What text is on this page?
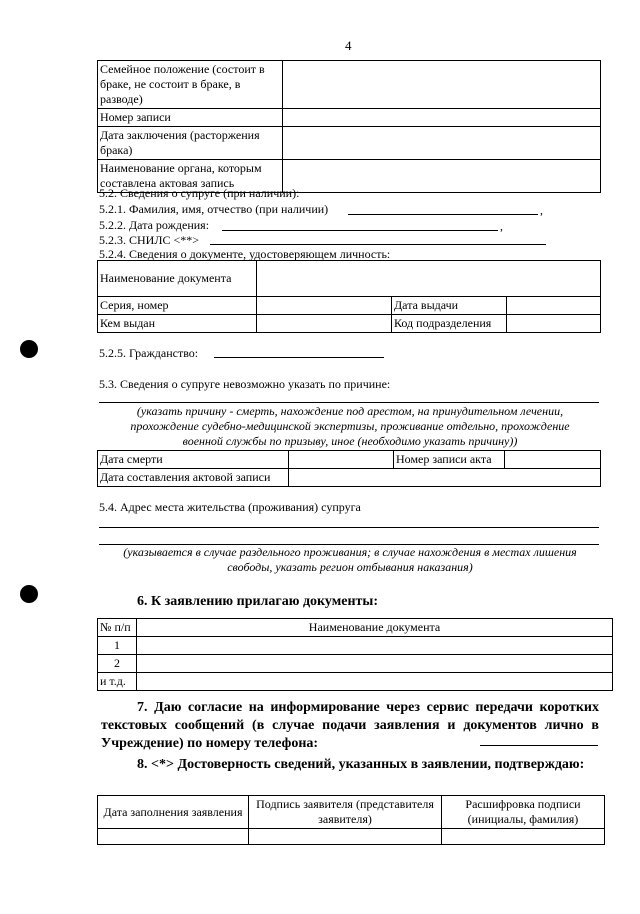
4
Семейное положение (состоит в браке, не состоит в браке, в разводе)	
Номер записи	
Дата заключения (расторжения брака)	
Наименование органа, которым составлена актовая запись	
5.2. Сведения о супруге (при наличии):
5.2.1. Фамилия, имя, отчество (при наличии)	,
5.2.2. Дата рождения:	,
5.2.3. СНИЛС <**>
5.2.4. Сведения о документе, удостоверяющем личность:
Наименование документа			
Серия, номер		Дата выдачи	
Кем выдан		Код подразделения	
5.2.5. Гражданство:
5.3. Сведения о супруге невозможно указать по причине:
(указать причину - смерть, нахождение под арестом, на принудительном лечении, прохождение судебно-медицинской экспертизы, проживание отдельно, прохождение военной службы по призыву, иное (необходимо указать причину))
Дата смерти		Номер записи акта	
Дата составления актовой записи			
5.4. Адрес места жительства (проживания) супруга
(указывается в случае раздельного проживания; в случае нахождения в местах лишения свободы, указать регион отбывания наказания)
6. К заявлению прилагаю документы:
№ п/п	Наименование документа
1	
2	
и т.д.	
7. Даю согласие на информирование через сервис передачи коротких текстовых сообщений (в случае подачи заявления и документов лично в Учреждение) по номеру телефона:
8. <*> Достоверность сведений, указанных в заявлении, подтверждаю:
Дата заполнения заявления	Подпись заявителя (представителя заявителя)	Расшифровка подписи (инициалы, фамилия)
